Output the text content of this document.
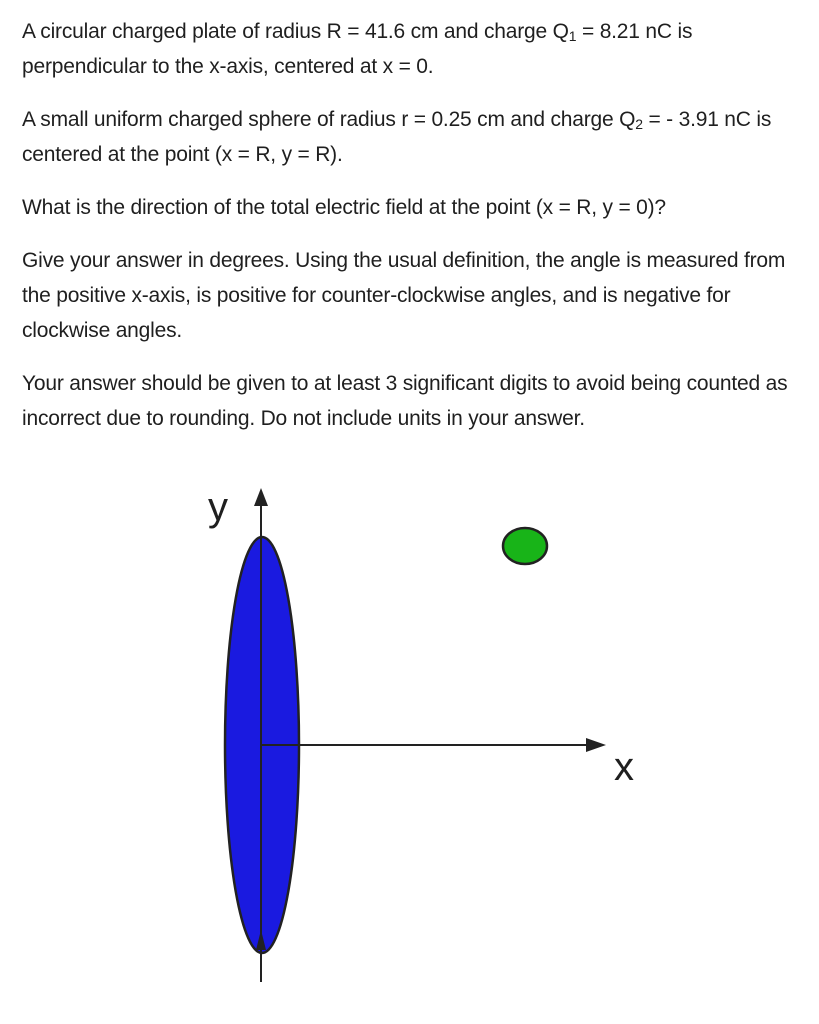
A circular charged plate of radius R = 41.6 cm and charge $Q_1 = 8.21$ nC is perpendicular to the x-axis, centered at x = 0.

A small uniform charged sphere of radius r = 0.25 cm and charge $Q_2$ = - 3.91 nC is centered at the point (x = R, y = R).

What is the direction of the total electric field at the point (x = R, y = 0)?

Give your answer in degrees. Using the usual definition, the angle is measured from the positive x-axis, is positive for counter-clockwise angles, and is negative for clockwise angles.

Your answer should be given to at least 3 significant digits to avoid being counted as incorrect due to rounding. Do not include units in your answer.

y
x
